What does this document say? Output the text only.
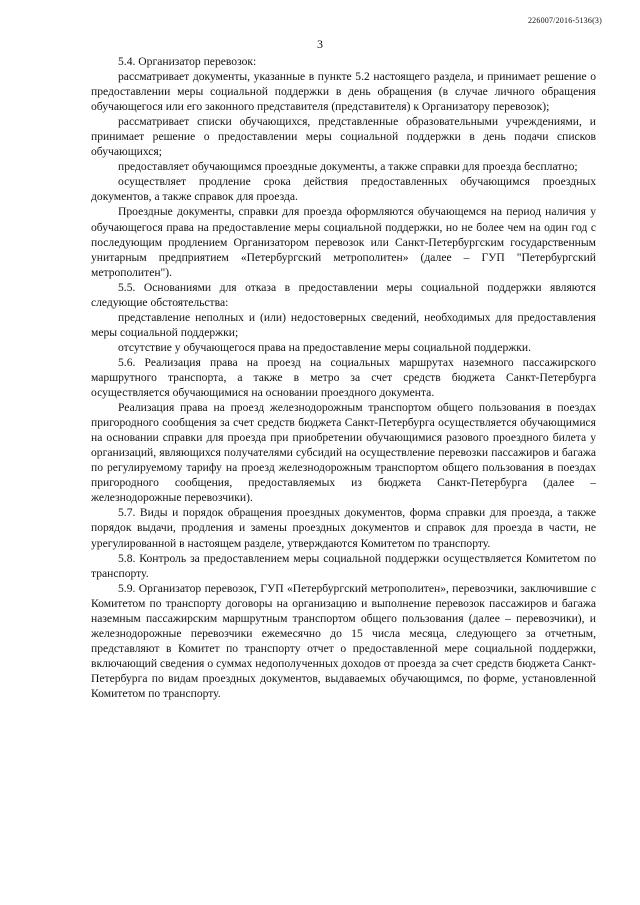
226007/2016-5136(3)
3

5.4. Организатор перевозок:

рассматривает документы, указанные в пункте 5.2 настоящего раздела, и принимает решение о предоставлении меры социальной поддержки в день обращения (в случае личного обращения обучающегося или его законного представителя (представителя) к Организатору перевозок);

рассматривает списки обучающихся, представленные образовательными учреждениями, и принимает решение о предоставлении меры социальной поддержки в день подачи списков обучающихся;

предоставляет обучающимся проездные документы, а также справки для проезда бесплатно;

осуществляет продление срока действия предоставленных обучающимся проездных документов, а также справок для проезда.

Проездные документы, справки для проезда оформляются обучающемся на период наличия у обучающегося права на предоставление меры социальной поддержки, но не более чем на один год с последующим продлением Организатором перевозок или Санкт-Петербургским государственным унитарным предприятием «Петербургский метрополитен» (далее – ГУП "Петербургский метрополитен").

5.5. Основаниями для отказа в предоставлении меры социальной поддержки являются следующие обстоятельства:

представление неполных и (или) недостоверных сведений, необходимых для предоставления меры социальной поддержки;

отсутствие у обучающегося права на предоставление меры социальной поддержки.

5.6. Реализация права на проезд на социальных маршрутах наземного пассажирского маршрутного транспорта, а также в метро за счет средств бюджета Санкт-Петербурга осуществляется обучающимися на основании проездного документа.

Реализация права на проезд железнодорожным транспортом общего пользования в поездах пригородного сообщения за счет средств бюджета Санкт-Петербурга осуществляется обучающимися на основании справки для проезда при приобретении обучающимися разового проездного билета у организаций, являющихся получателями субсидий на осуществление перевозки пассажиров и багажа по регулируемому тарифу на проезд железнодорожным транспортом общего пользования в поездах пригородного сообщения, предоставляемых из бюджета Санкт-Петербурга (далее – железнодорожные перевозчики).

5.7. Виды и порядок обращения проездных документов, форма справки для проезда, а также порядок выдачи, продления и замены проездных документов и справок для проезда в части, не урегулированной в настоящем разделе, утверждаются Комитетом по транспорту.

5.8. Контроль за предоставлением меры социальной поддержки осуществляется Комитетом по транспорту.

5.9. Организатор перевозок, ГУП «Петербургский метрополитен», перевозчики, заключившие с Комитетом по транспорту договоры на организацию и выполнение перевозок пассажиров и багажа наземным пассажирским маршрутным транспортом общего пользования (далее – перевозчики), и железнодорожные перевозчики ежемесячно до 15 числа месяца, следующего за отчетным, представляют в Комитет по транспорту отчет о предоставленной мере социальной поддержки, включающий сведения о суммах недополученных доходов от проезда за счет средств бюджета Санкт-Петербурга по видам проездных документов, выдаваемых обучающимся, по форме, установленной Комитетом по транспорту.
